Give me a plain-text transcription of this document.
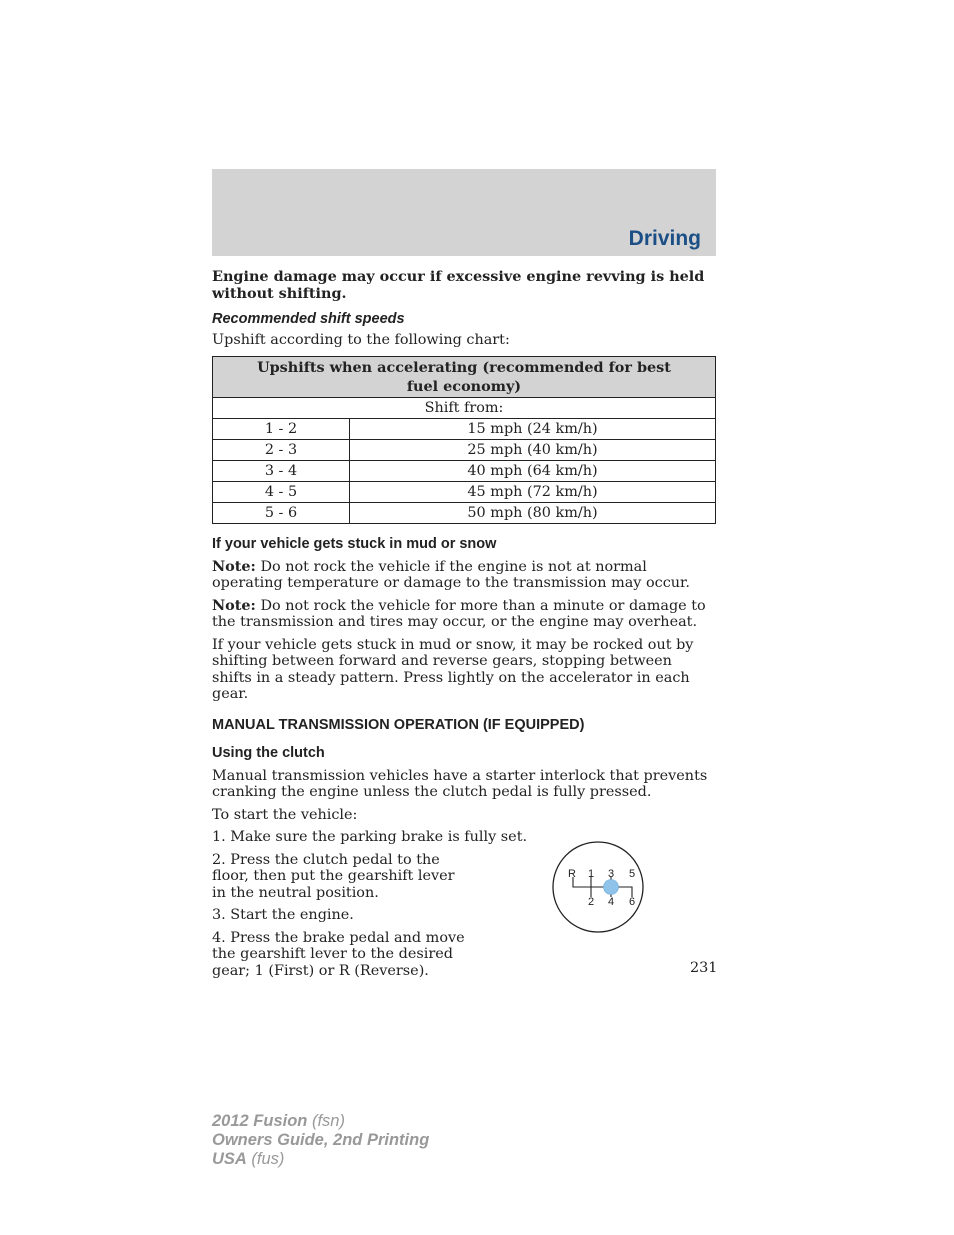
Driving

Engine damage may occur if excessive engine revving is held without shifting.

Recommended shift speeds

Upshift according to the following chart:

Upshifts when accelerating (recommended for best fuel economy)	
Shift from:	
1 - 2	15 mph (24 km/h)
2 - 3	25 mph (40 km/h)
3 - 4	40 mph (64 km/h)
4 - 5	45 mph (72 km/h)
5 - 6	50 mph (80 km/h)
If your vehicle gets stuck in mud or snow

Note: Do not rock the vehicle if the engine is not at normal operating temperature or damage to the transmission may occur.

Note: Do not rock the vehicle for more than a minute or damage to the transmission and tires may occur, or the engine may overheat.

If your vehicle gets stuck in mud or snow, it may be rocked out by shifting between forward and reverse gears, stopping between shifts in a steady pattern. Press lightly on the accelerator in each gear.

MANUAL TRANSMISSION OPERATION (IF EQUIPPED)
Using the clutch

Manual transmission vehicles have a starter interlock that prevents cranking the engine unless the clutch pedal is fully pressed.

To start the vehicle:

1. Make sure the parking brake is fully set.

2. Press the clutch pedal to the floor, then put the gearshift lever in the neutral position.

3. Start the engine.

4. Press the brake pedal and move the gearshift lever to the desired gear; 1 (First) or R (Reverse).

R 1 3 5
2 4 6
231
2012 Fusion (fsn)
Owners Guide, 2nd Printing
USA (fus)
